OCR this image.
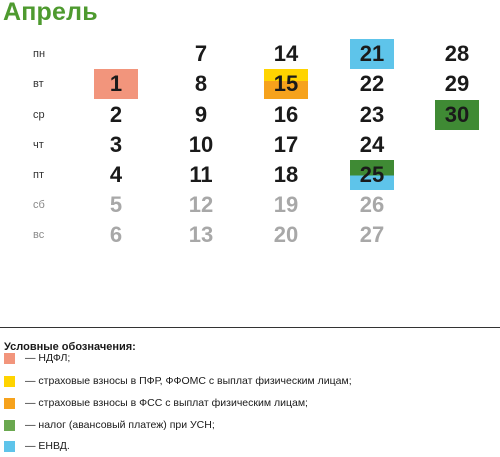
Апрель
пн
вт
ср
чт
пт
сб
вс
1
2
3
4
5
6
7
8
9
10
11
12
13
14
15
16
17
18
19
20
21
22
23
24
25
26
27
28
29
30
Условные обозначения:
— НДФЛ;
— страховые взносы в ПФР, ФФОМС с выплат физическим лицам;
— страховые взносы в ФСС с выплат физическим лицам;
— налог (авансовый платеж) при УСН;
— ЕНВД.
